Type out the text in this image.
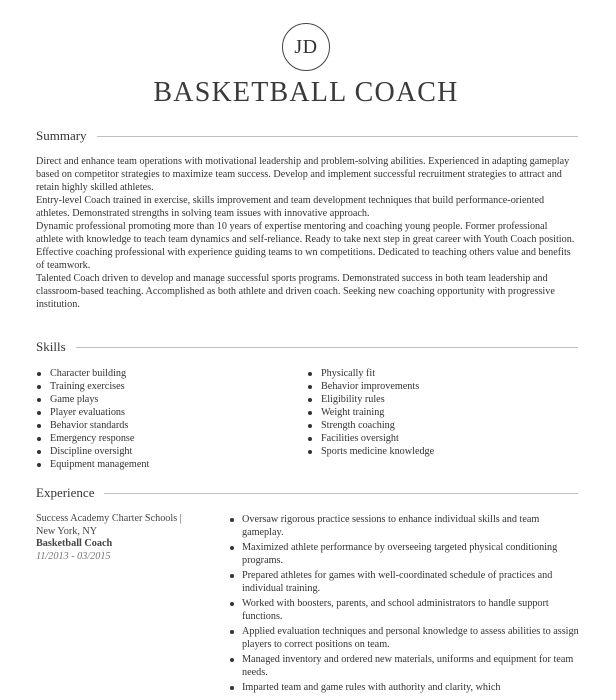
JD
BASKETBALL COACH
Summary

Direct and enhance team operations with motivational leadership and problem-solving abilities. Experienced in adapting gameplay based on competitor strategies to maximize team success. Develop and implement successful recruitment strategies to attract and retain highly skilled athletes.

Entry-level Coach trained in exercise, skills improvement and team development techniques that build performance-oriented athletes. Demonstrated strengths in solving team issues with innovative approach.

Dynamic professional promoting more than 10 years of expertise mentoring and coaching young people. Former professional athlete with knowledge to teach team dynamics and self-reliance. Ready to take next step in great career with Youth Coach position.

Effective coaching professional with experience guiding teams to wn competitions. Dedicated to teaching others value and benefits of teamwork.

Talented Coach driven to develop and manage successful sports programs. Demonstrated success in both team leadership and classroom-based teaching. Accomplished as both athlete and driven coach. Seeking new coaching opportunity with progressive institution.

Skills
Character building
Training exercises
Game plays
Player evaluations
Behavior standards
Emergency response
Discipline oversight
Equipment management
Physically fit
Behavior improvements
Eligibility rules
Weight training
Strength coaching
Facilities oversight
Sports medicine knowledge
Experience
Success Academy Charter Schools |
New York, NY
Basketball Coach
11/2013 - 03/2015
Oversaw rigorous practice sessions to enhance individual skills and team gameplay.
Maximized athlete performance by overseeing targeted physical conditioning programs.
Prepared athletes for games with well-coordinated schedule of practices and individual training.
Worked with boosters, parents, and school administrators to handle support functions.
Applied evaluation techniques and personal knowledge to assess abilities to assign players to correct positions on team.
Managed inventory and ordered new materials, uniforms and equipment for team needs.
Imparted team and game rules with authority and clarity, which
